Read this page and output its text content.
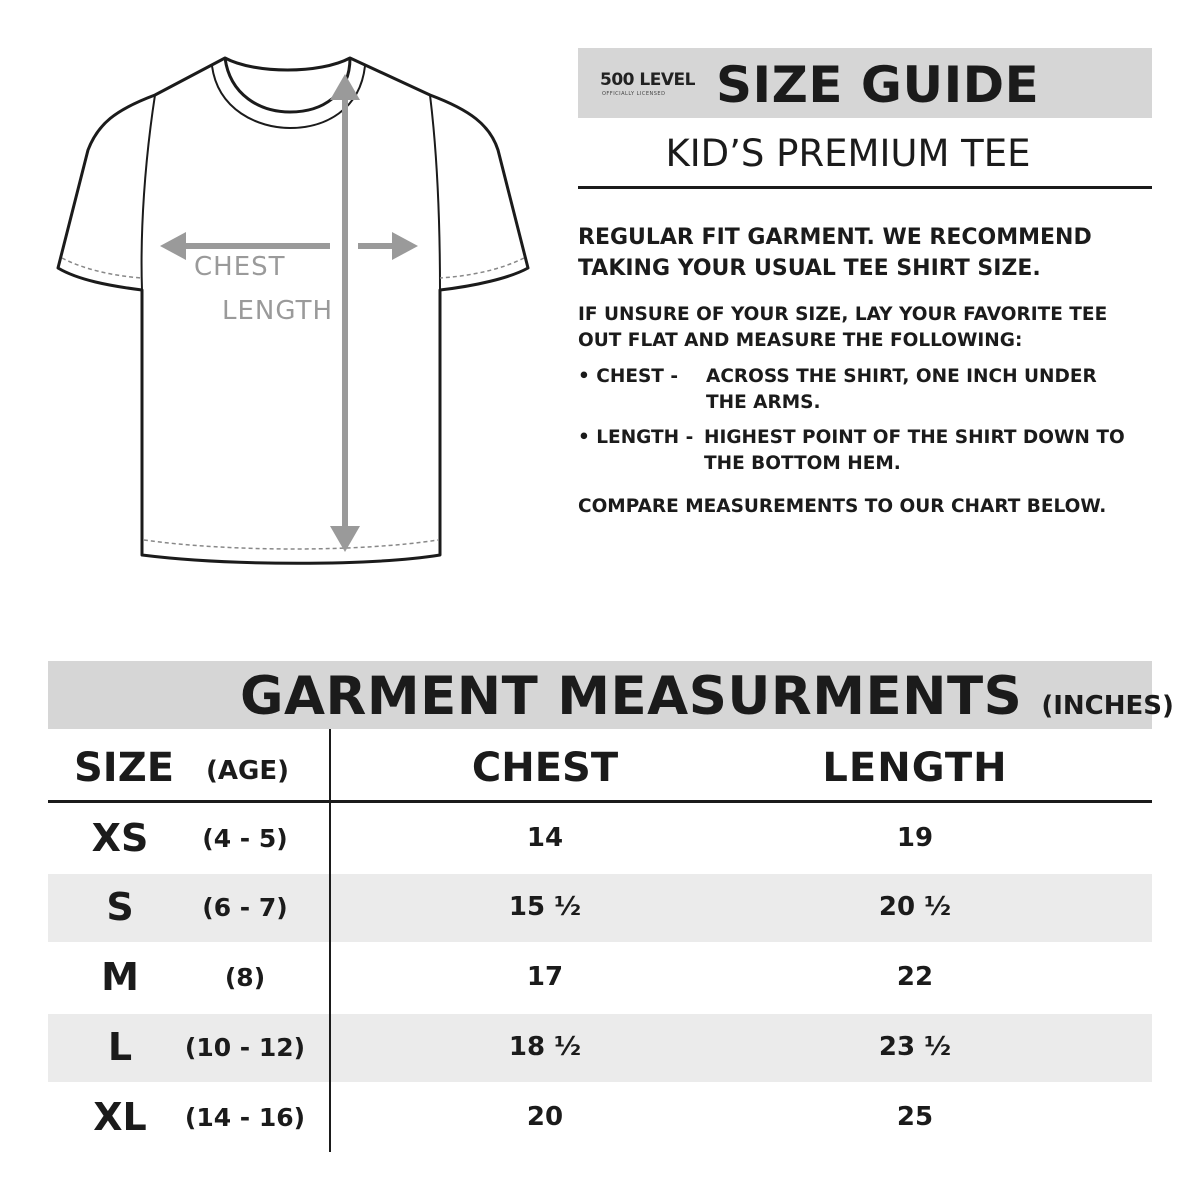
CHEST
LENGTH
500 LEVEL
OFFICIALLY LICENSED SIZE GUIDE
KID’S PREMIUM TEE
REGULAR FIT GARMENT. WE RECOMMEND
TAKING YOUR USUAL TEE SHIRT SIZE.
IF UNSURE OF YOUR SIZE, LAY YOUR FAVORITE TEE
OUT FLAT AND MEASURE THE FOLLOWING:
• CHEST - ACROSS THE SHIRT, ONE INCH UNDER
THE ARMS.
• LENGTH - HIGHEST POINT OF THE SHIRT DOWN TO
THE BOTTOM HEM.
COMPARE MEASUREMENTS TO OUR CHART BELOW.
GARMENT MEASURMENTS (INCHES)
SIZE (AGE)	CHEST	LENGTH
XS	(4 - 5)	14	19
S	(6 - 7)	15 ½	20 ½
M	(8)	17	22
L	(10 - 12)	18 ½	23 ½
XL	(14 - 16)	20	25
